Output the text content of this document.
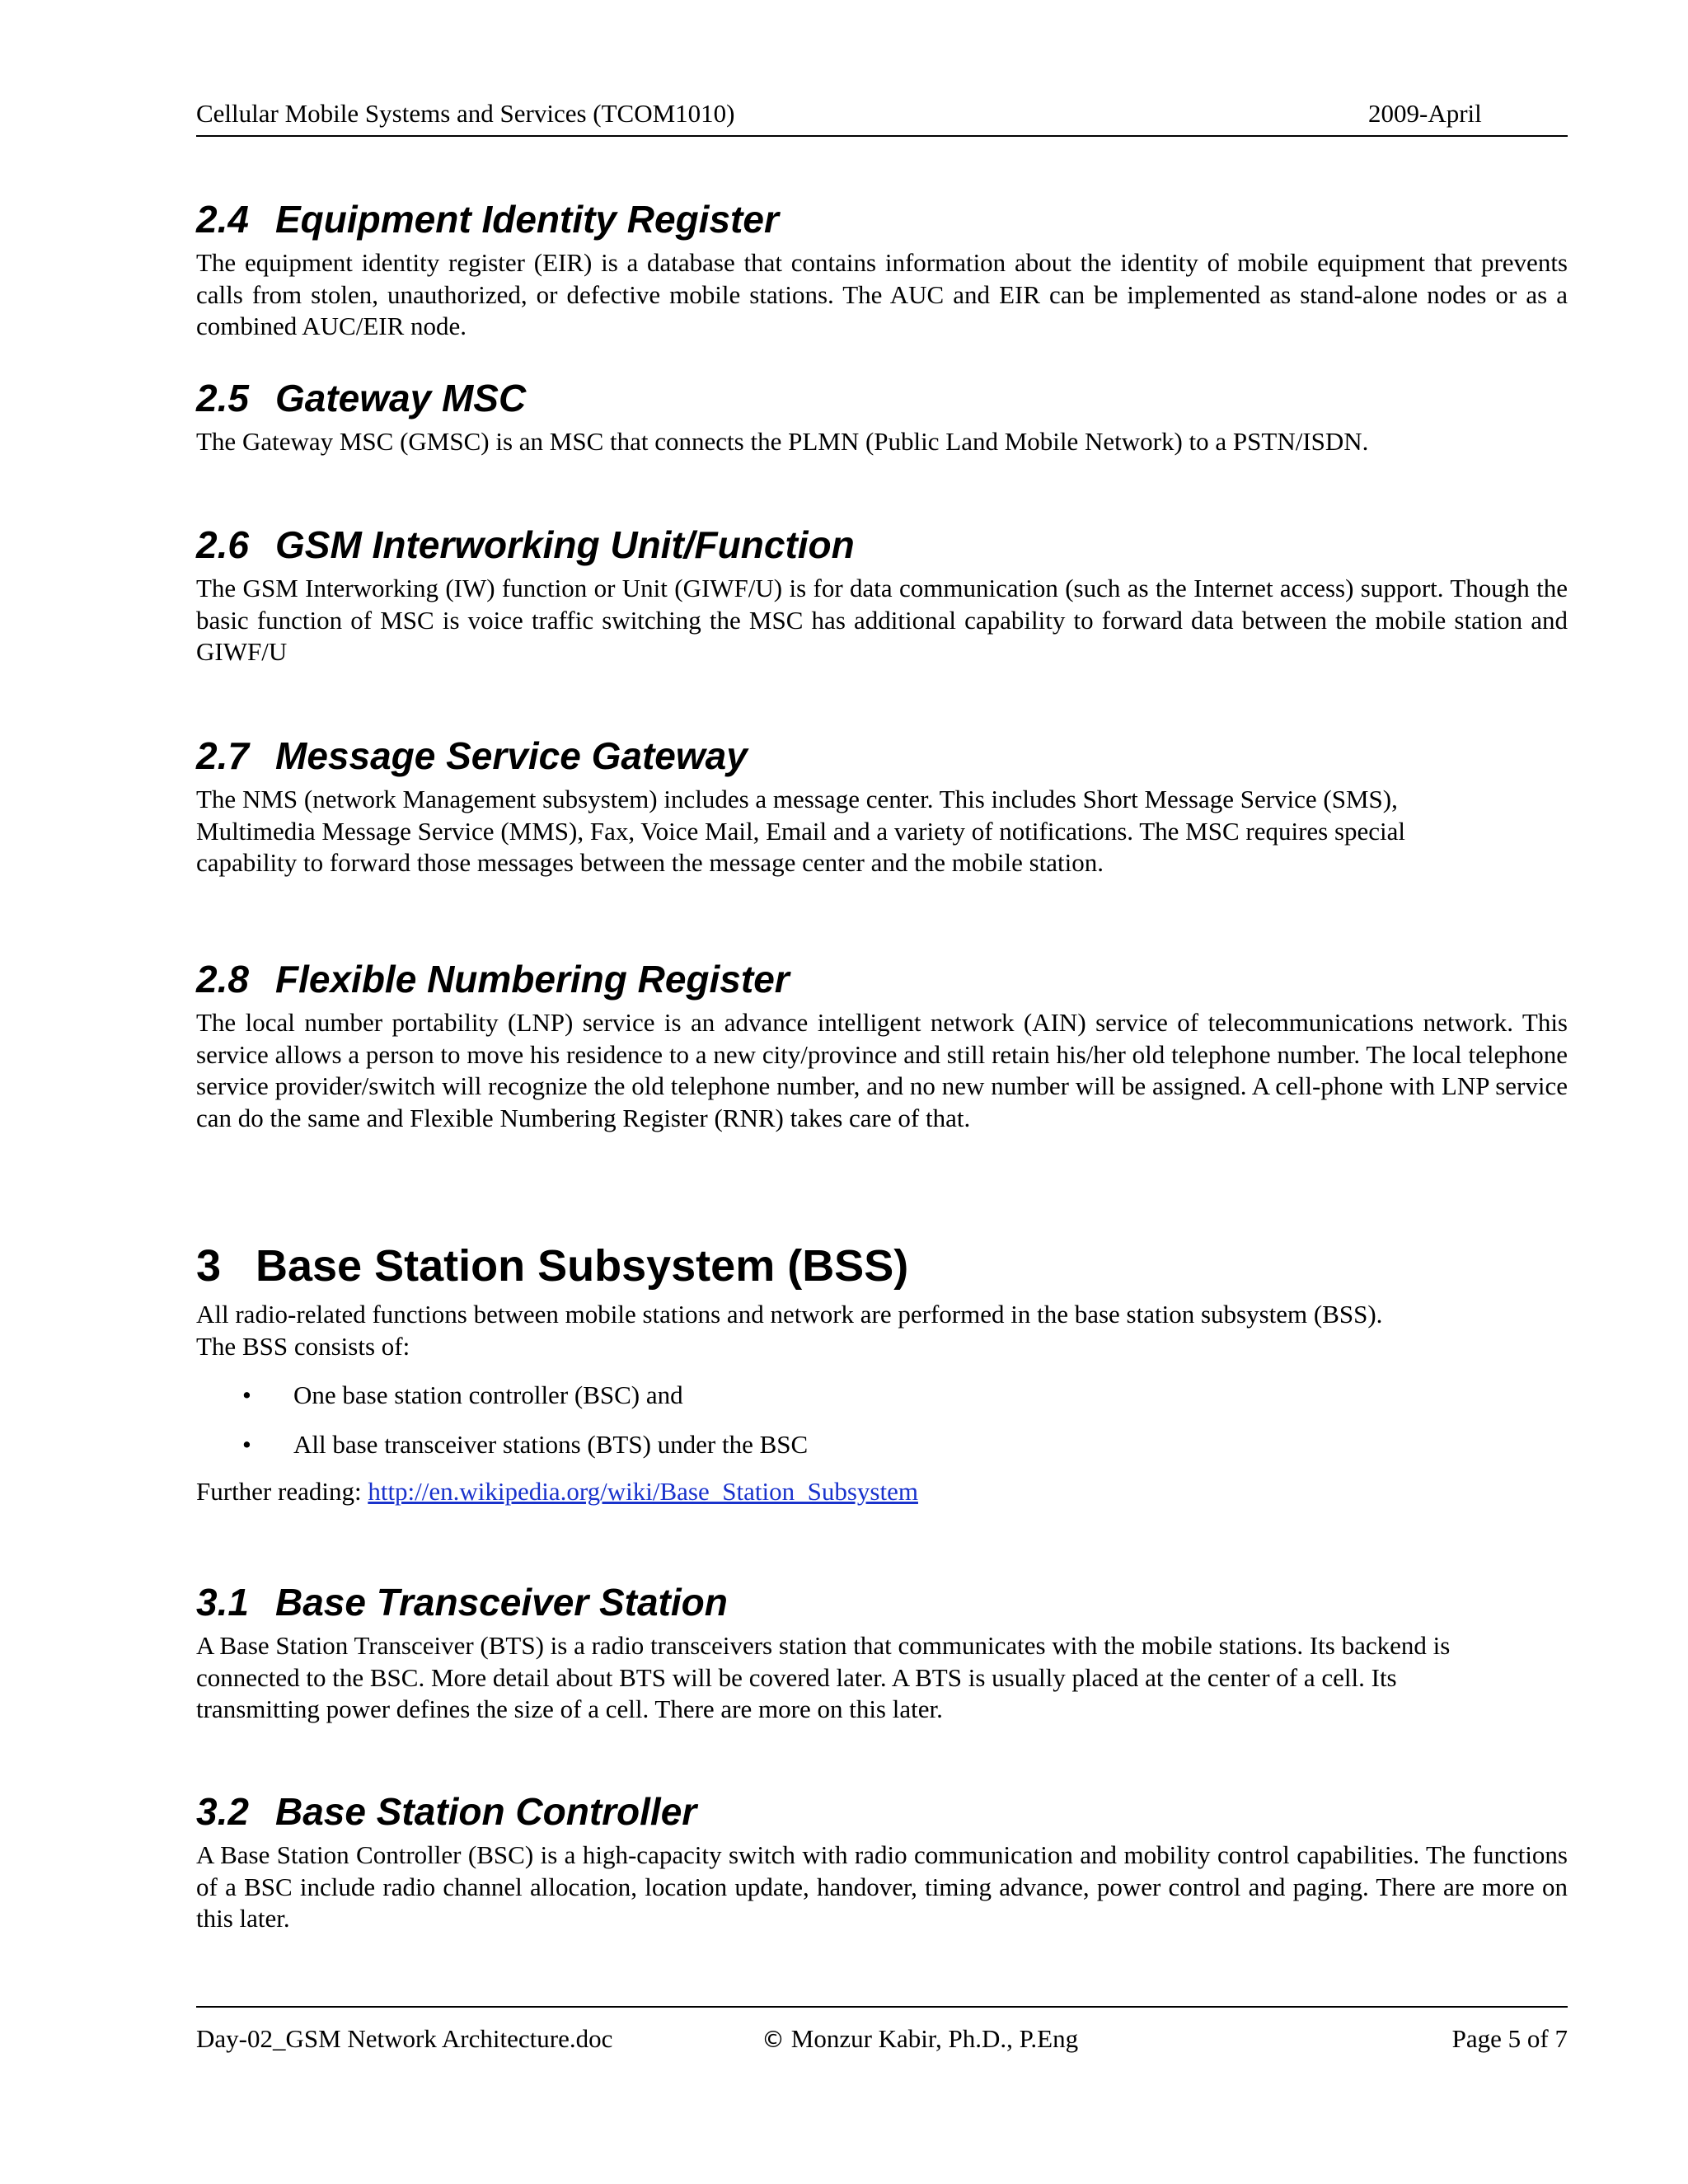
Cellular Mobile Systems and Services (TCOM1010)	2009-April
2.4 Equipment Identity Register

The equipment identity register (EIR) is a database that contains information about the identity of mobile equipment that prevents calls from stolen, unauthorized, or defective mobile stations. The AUC and EIR can be implemented as stand-alone nodes or as a combined AUC/EIR node.

2.5 Gateway MSC

The Gateway MSC (GMSC) is an MSC that connects the PLMN (Public Land Mobile Network) to a PSTN/ISDN.

2.6 GSM Interworking Unit/Function

The GSM Interworking (IW) function or Unit (GIWF/U) is for data communication (such as the Internet access) support. Though the basic function of MSC is voice traffic switching the MSC has additional capability to forward data between the mobile station and GIWF/U

2.7 Message Service Gateway
The NMS (network Management subsystem) includes a message center. This includes Short Message Service (SMS),
Multimedia Message Service (MMS), Fax, Voice Mail, Email and a variety of notifications. The MSC requires special
capability to forward those messages between the message center and the mobile station.
2.8 Flexible Numbering Register

The local number portability (LNP) service is an advance intelligent network (AIN) service of telecommunications network. This service allows a person to move his residence to a new city/province and still retain his/her old telephone number. The local telephone service provider/switch will recognize the old telephone number, and no new number will be assigned. A cell-phone with LNP service can do the same and Flexible Numbering Register (RNR) takes care of that.

3 Base Station Subsystem (BSS)
All radio-related functions between mobile stations and network are performed in the base station subsystem (BSS).
The BSS consists of:
• One base station controller (BSC) and
• All base transceiver stations (BTS) under the BSC

Further reading: http://en.wikipedia.org/wiki/Base_Station_Subsystem

3.1 Base Transceiver Station
A Base Station Transceiver (BTS) is a radio transceivers station that communicates with the mobile stations. Its backend is
connected to the BSC. More detail about BTS will be covered later. A BTS is usually placed at the center of a cell. Its
transmitting power defines the size of a cell. There are more on this later.
3.2 Base Station Controller

A Base Station Controller (BSC) is a high-capacity switch with radio communication and mobility control capabilities. The functions of a BSC include radio channel allocation, location update, handover, timing advance, power control and paging. There are more on this later.

Day-02_GSM Network Architecture.doc	© Monzur Kabir, Ph.D., P.Eng	Page 5 of 7
